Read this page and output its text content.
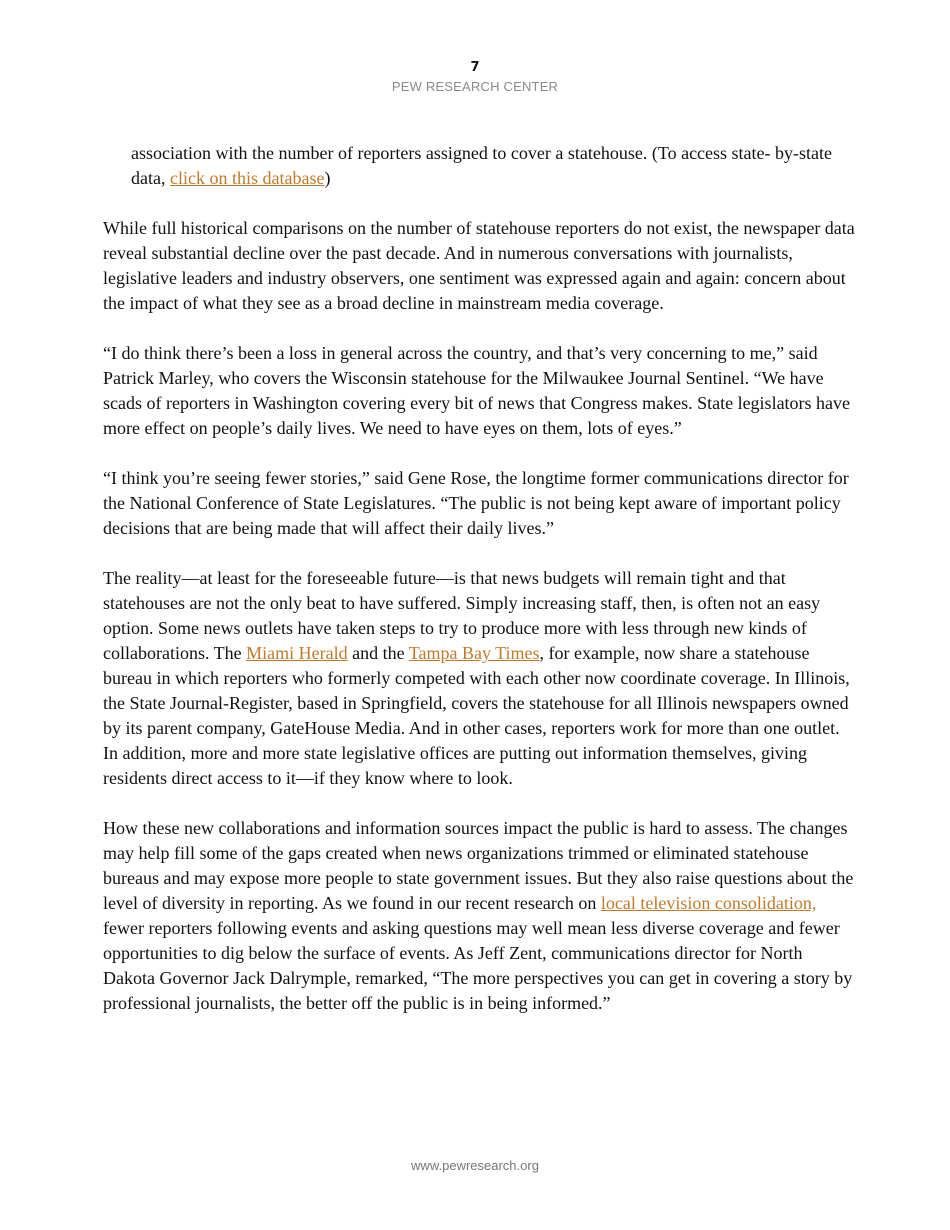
7
PEW RESEARCH CENTER

association with the number of reporters assigned to cover a statehouse. (To access state- by-state data, click on this database)

While full historical comparisons on the number of statehouse reporters do not exist, the newspaper data reveal substantial decline over the past decade. And in numerous conversations with journalists, legislative leaders and industry observers, one sentiment was expressed again and again: concern about the impact of what they see as a broad decline in mainstream media coverage.

“I do think there’s been a loss in general across the country, and that’s very concerning to me,” said Patrick Marley, who covers the Wisconsin statehouse for the Milwaukee Journal Sentinel. “We have scads of reporters in Washington covering every bit of news that Congress makes. State legislators have more effect on people’s daily lives. We need to have eyes on them, lots of eyes.”

“I think you’re seeing fewer stories,” said Gene Rose, the longtime former communications director for the National Conference of State Legislatures. “The public is not being kept aware of important policy decisions that are being made that will affect their daily lives.”

The reality—at least for the foreseeable future—is that news budgets will remain tight and that statehouses are not the only beat to have suffered. Simply increasing staff, then, is often not an easy option. Some news outlets have taken steps to try to produce more with less through new kinds of collaborations. The Miami Herald and the Tampa Bay Times, for example, now share a statehouse bureau in which reporters who formerly competed with each other now coordinate coverage. In Illinois, the State Journal-Register, based in Springfield, covers the statehouse for all Illinois newspapers owned by its parent company, GateHouse Media. And in other cases, reporters work for more than one outlet. In addition, more and more state legislative offices are putting out information themselves, giving residents direct access to it—if they know where to look.

How these new collaborations and information sources impact the public is hard to assess. The changes may help fill some of the gaps created when news organizations trimmed or eliminated statehouse bureaus and may expose more people to state government issues. But they also raise questions about the level of diversity in reporting. As we found in our recent research on local television consolidation, fewer reporters following events and asking questions may well mean less diverse coverage and fewer opportunities to dig below the surface of events. As Jeff Zent, communications director for North Dakota Governor Jack Dalrymple, remarked, “The more perspectives you can get in covering a story by professional journalists, the better off the public is in being informed.”

www.pewresearch.org
